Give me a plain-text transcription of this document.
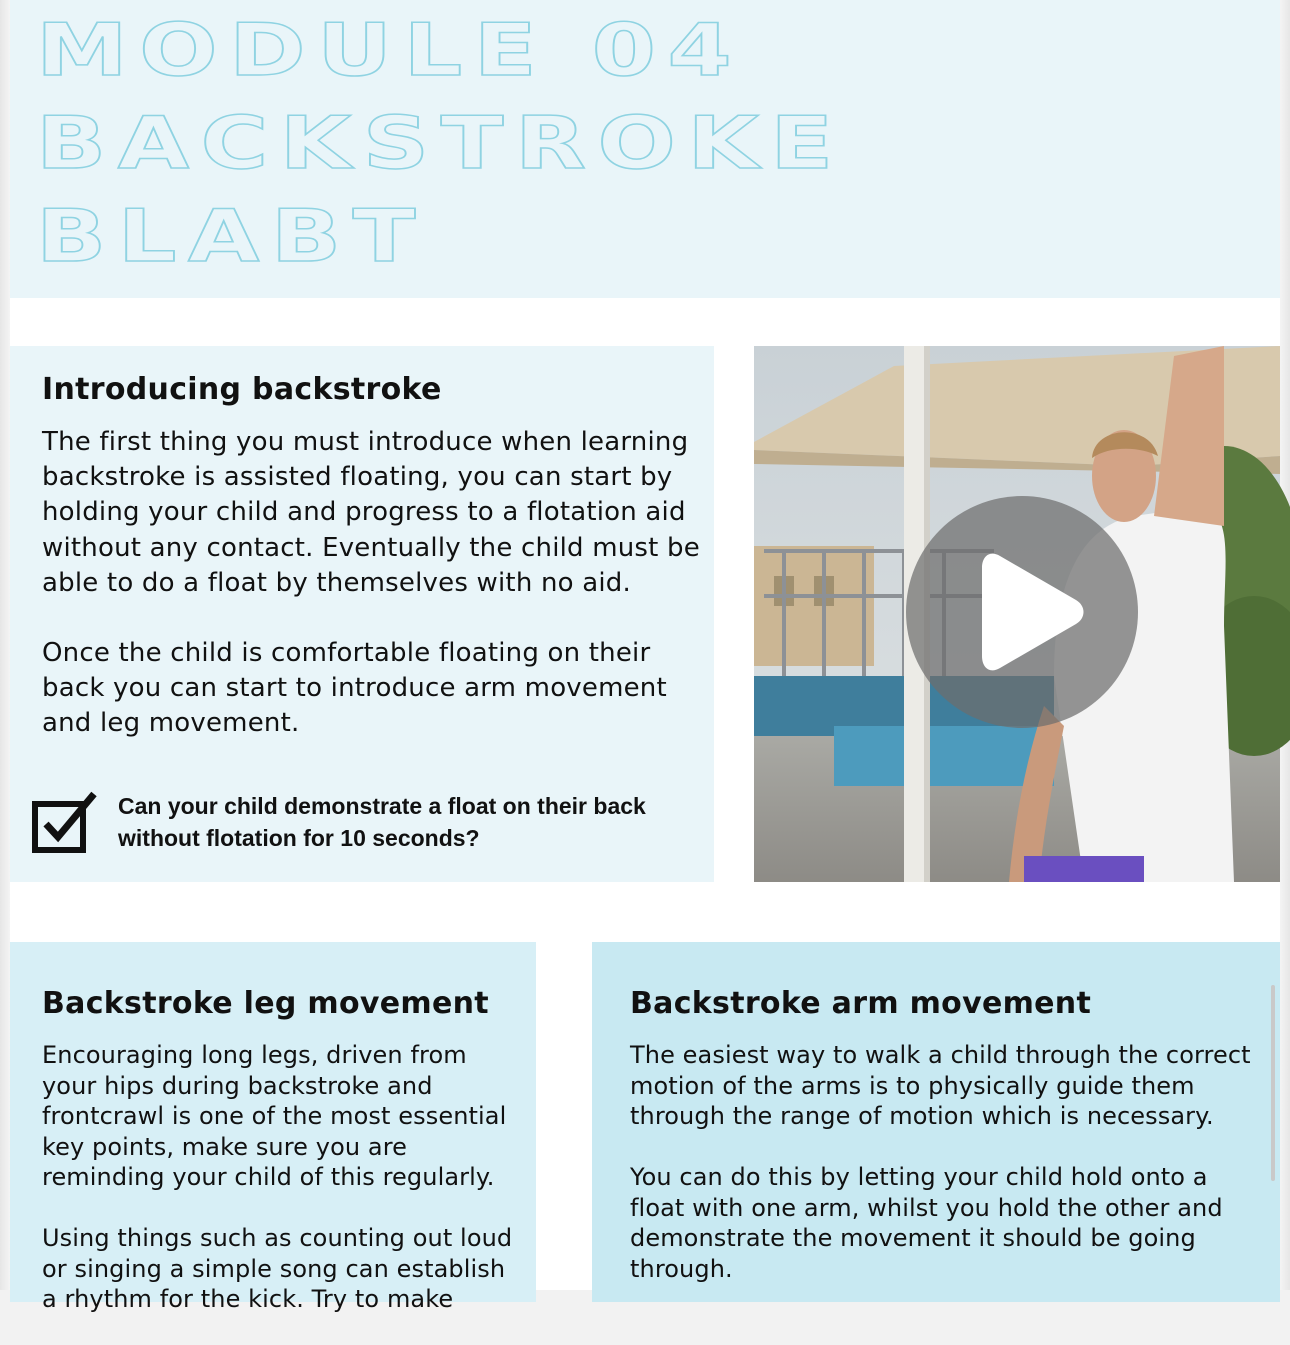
MODULE 04
BACKSTROKE
BLABT
Introducing backstroke

The first thing you must introduce when learning backstroke is assisted floating, you can start by holding your child and progress to a flotation aid without any contact. Eventually the child must be able to do a float by themselves with no aid.

Once the child is comfortable floating on their back you can start to introduce arm movement and leg movement.

Can your child demonstrate a float on their back without flotation for 10 seconds?

Backstroke leg movement

Encouraging long legs, driven from your hips during backstroke and frontcrawl is one of the most essential key points, make sure you are reminding your child of this regularly.

Using things such as counting out loud or singing a simple song can establish a rhythm for the kick. Try to make

Backstroke arm movement

The easiest way to walk a child through the correct motion of the arms is to physically guide them through the range of motion which is necessary.

You can do this by letting your child hold onto a float with one arm, whilst you hold the other and demonstrate the movement it should be going through.
